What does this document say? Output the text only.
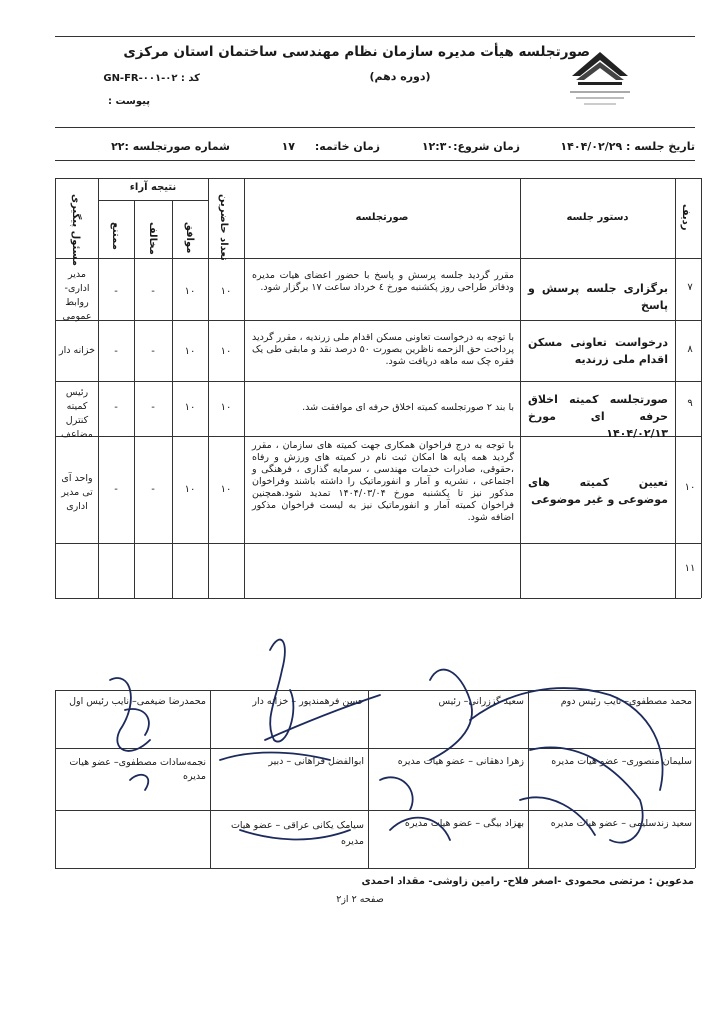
صورتجلسه هیأت مدیره سازمان نظام مهندسی ساختمان استان مرکزی
(دوره دهم)
کد : GN-FR-۰۰۱-۰۲
پیوست :
تاریخ جلسه : ۱۴۰۴/۰۲/۲۹
زمان شروع:۱۲:۳۰
زمان خاتمه: ۱۷
شماره صورتجلسه :۲۲
ردیف
دستور جلسه
صورتجلسه
تعداد حاضرین
نتیجه آراء
موافق
مخالف
ممتنع
مسئول پیگیری
۷
برگزاری جلسه پرسش و پاسخ
مقرر گردید جلسه پرسش و پاسخ با حضور اعضای هیات مدیره ودفاتر طراحی روز پکشنبه مورخ ٤ خرداد ساعت ۱۷ برگزار شود.
۱۰
۱۰
-
-
مدیر اداری- روابط عمومی
۸
درخواست تعاونی مسکن اقدام ملی زرندیه
با توجه به درخواست تعاونی مسکن اقدام ملی زرندیه ، مقرر گردید پرداخت حق الزحمه ناظرین بصورت ۵۰ درصد نقد و مابقی طی یک فقره چک سه ماهه دریافت شود.
۱۰
۱۰
-
-
خزانه دار
۹
صورتجلسه کمیته اخلاق حرفه ای مورخ ۱۴۰۴/۰۲/۱۳
با بند ۲ صورتجلسه کمیته اخلاق حرفه ای موافقت شد.
۱۰
۱۰
-
-
رئیس کمیته کنترل مضاعف
۱۰
تعیین کمیته های موضوعی و غیر موضوعی
با توجه به درج فراخوان همکاری جهت کمیته های سازمان ، مقرر گردید همه پایه ها امکان ثبت نام در کمیته های ورزش و رفاه ،حقوقی، صادرات خدمات مهندسی ، سرمایه گذاری ، فرهنگی و اجتماعی ، نشریه و آمار و انفورماتیک را داشته باشند وفراخوان مذکور نیز تا پکشنبه مورخ ۱۴۰۴/۰۳/۰۴ تمدید شود.همچنین فراخوان کمیته آمار و انفورماتیک نیز به لیست فراخوان مذکور اضافه شود.
۱۰
۱۰
-
-
واحد آی تی مدیر اداری
۱۱
محمد مصطفوی– نایب رئیس دوم
سعید گززرانی– رئیس
حسن فرهمندپور – خزانه دار
محمدرضا ضیغمی– نایب رئیس اول
سلیمان منصوری– عضو هیات مدیره
زهرا دهقانی – عضو هیات مدیره
ابوالفضل فراهانی – دبیر
نجمه‌سادات مصطفوی– عضو هیات مدیره
سعید زندسلیمی – عضو هیات مدیره
بهزاد بیگی – عضو هیات مدیره
سیامک یکانی عراقی – عضو هیات مدیره
مدعوین : مرتضی محمودی -اصغر فلاح- رامین زاوشی- مقداد احمدی
صفحه ۲ از۲
